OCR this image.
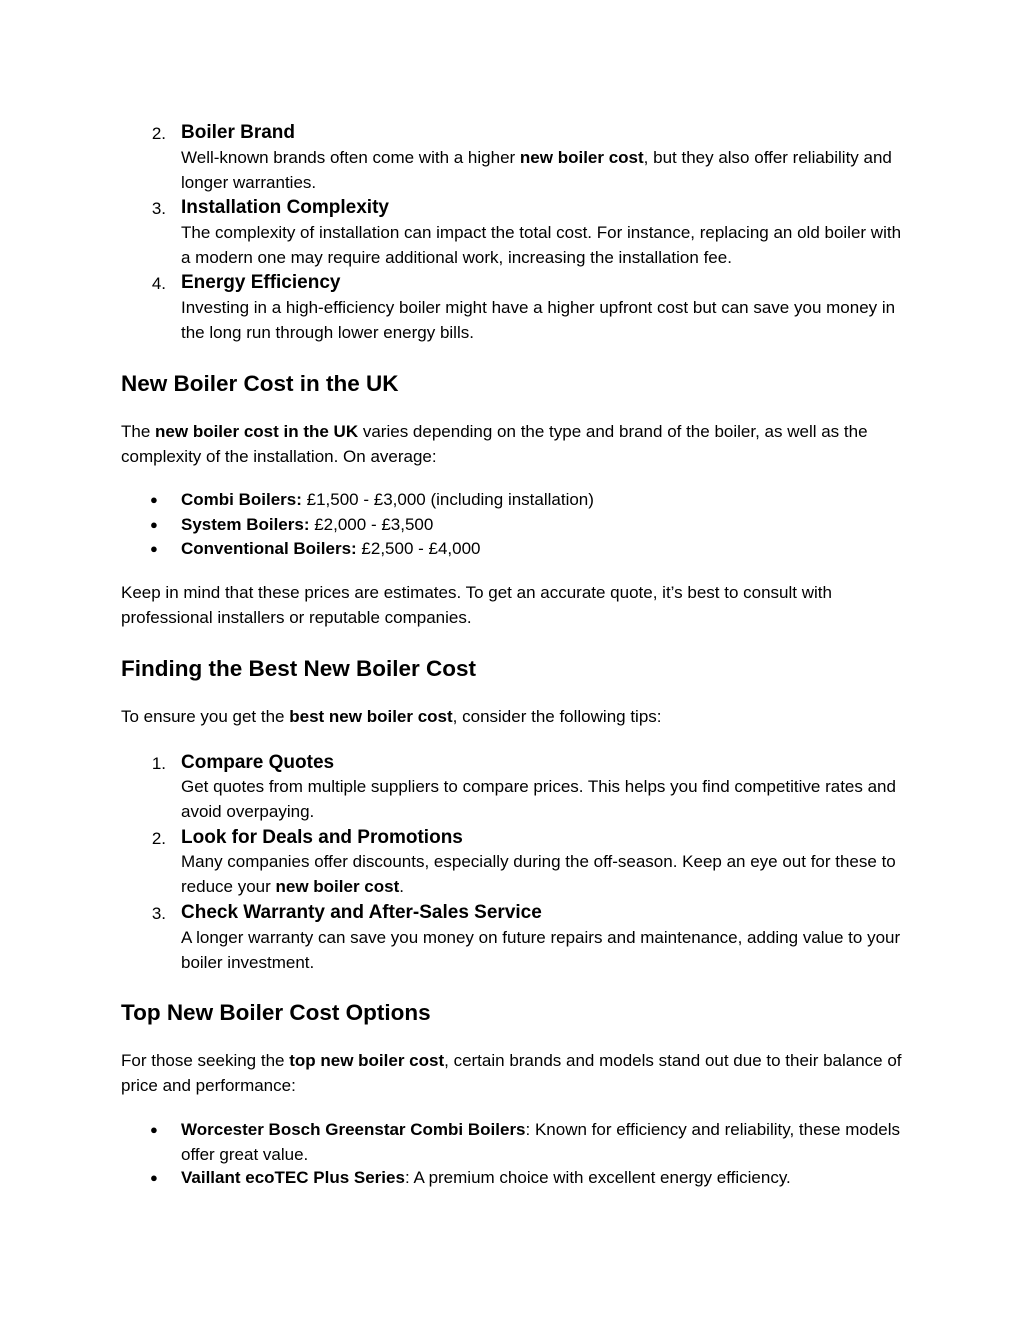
2. Boiler Brand
Well-known brands often come with a higher new boiler cost, but they also offer reliability and longer warranties.
3. Installation Complexity
The complexity of installation can impact the total cost. For instance, replacing an old boiler with a modern one may require additional work, increasing the installation fee.
4. Energy Efficiency
Investing in a high-efficiency boiler might have a higher upfront cost but can save you money in the long run through lower energy bills.
New Boiler Cost in the UK
The new boiler cost in the UK varies depending on the type and brand of the boiler, as well as the complexity of the installation. On average:
● Combi Boilers: £1,500 - £3,000 (including installation)
● System Boilers: £2,000 - £3,500
● Conventional Boilers: £2,500 - £4,000
Keep in mind that these prices are estimates. To get an accurate quote, it’s best to consult with professional installers or reputable companies.
Finding the Best New Boiler Cost
To ensure you get the best new boiler cost, consider the following tips:
1. Compare Quotes
Get quotes from multiple suppliers to compare prices. This helps you find competitive rates and avoid overpaying.
2. Look for Deals and Promotions
Many companies offer discounts, especially during the off-season. Keep an eye out for these to reduce your new boiler cost.
3. Check Warranty and After-Sales Service
A longer warranty can save you money on future repairs and maintenance, adding value to your boiler investment.
Top New Boiler Cost Options
For those seeking the top new boiler cost, certain brands and models stand out due to their balance of price and performance:
● Worcester Bosch Greenstar Combi Boilers: Known for efficiency and reliability, these models offer great value.
● Vaillant ecoTEC Plus Series: A premium choice with excellent energy efficiency.
